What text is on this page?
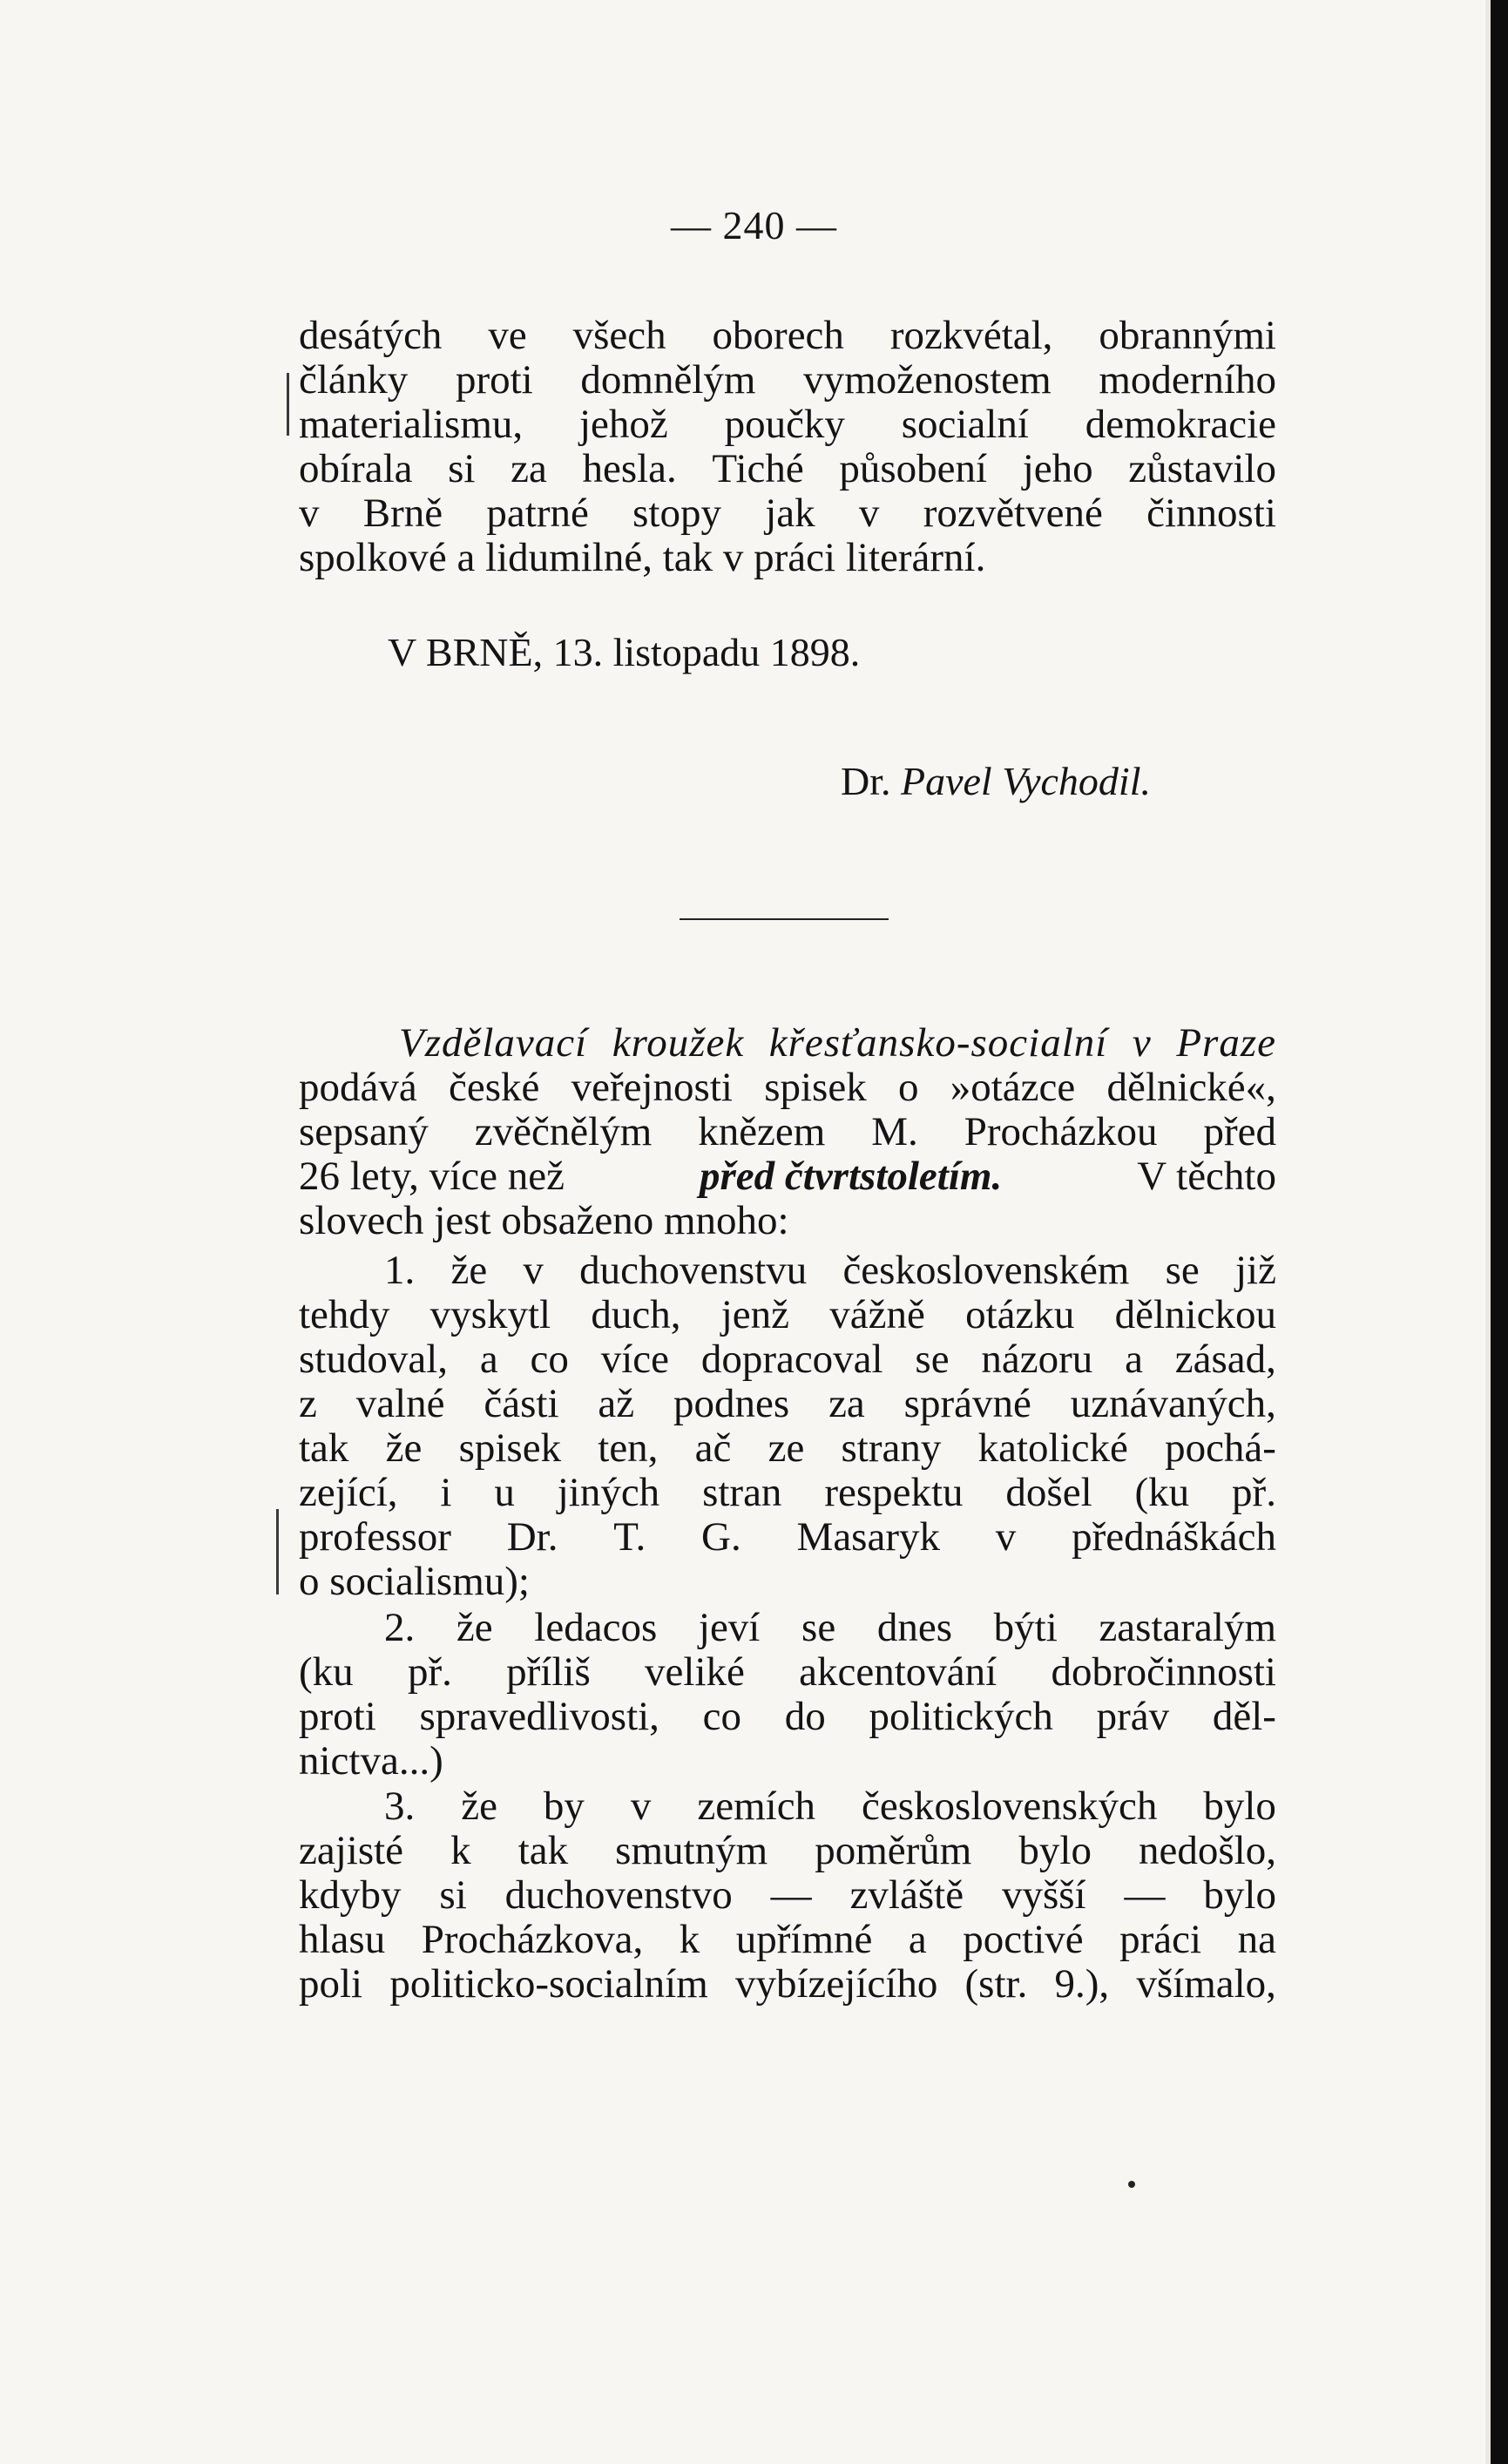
— 240 —
desátých ve všech oborech rozkvétal, obrannými
články proti domnělým vymoženostem moderního
materialismu, jehož poučky socialní demokracie
obírala si za hesla. Tiché působení jeho zůstavilo
v Brně patrné stopy jak v rozvětvené činnosti
spolkové a lidumilné, tak v práci literární.
V BRNĚ, 13. listopadu 1898.
Dr. Pavel Vychodil.
Vzdělavací kroužek křesťansko-socialní v Praze
podává české veřejnosti spisek o »otázce dělnické«,
sepsaný zvěčnělým knězem M. Procházkou před
26 lety, více než	před čtvrtstoletím.	V těchto
slovech jest obsaženo mnoho:
1. že v duchovenstvu československém se již
tehdy vyskytl duch, jenž vážně otázku dělnickou
studoval, a co více dopracoval se názoru a zásad,
z valné části až podnes za správné uznávaných,
tak že spisek ten, ač ze strany katolické pochá-
zející, i u jiných stran respektu došel (ku př.
professor Dr. T. G. Masaryk v přednáškách
o socialismu);
2. že ledacos jeví se dnes býti zastaralým
(ku př. příliš veliké akcentování dobročinnosti
proti spravedlivosti, co do politických práv děl-
nictva...)
3. že by v zemích československých bylo
zajisté k tak smutným poměrům bylo nedošlo,
kdyby si duchovenstvo — zvláště vyšší — bylo
hlasu Procházkova, k upřímné a poctivé práci na
poli politicko-socialním vybízejícího (str. 9.), všímalo,
